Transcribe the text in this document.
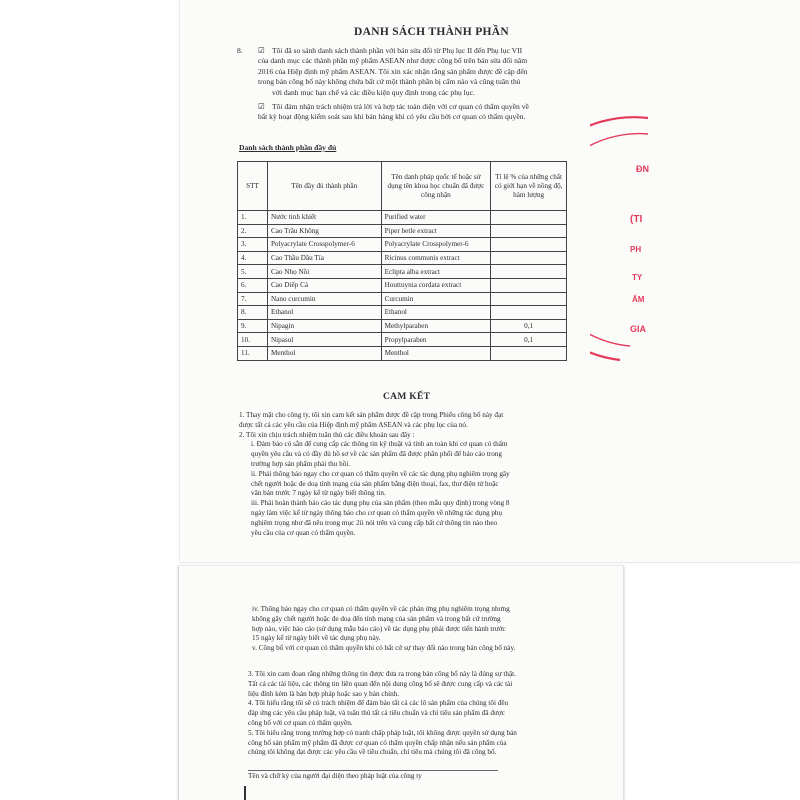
DANH SÁCH THÀNH PHẦN
8. ☑ Tôi đã so sánh danh sách thành phần với bản sửa đổi từ Phụ lục II đến Phụ lục VII
của danh mục các thành phần mỹ phẩm ASEAN như được công bố trên bản sửa đổi năm
2016 của Hiệp định mỹ phẩm ASEAN. Tôi xin xác nhận rằng sản phẩm được đề cập đến
trong bản công bố này không chứa bất cứ một thành phần bị cấm nào và cũng tuân thủ
với danh mục hạn chế và các điều kiện quy định trong các phụ lục.
☑ Tôi đảm nhận trách nhiệm trả lời và hợp tác toàn diện với cơ quan có thẩm quyền về
bất kỳ hoạt động kiểm soát sau khi bán hàng khi có yêu cầu bởi cơ quan có thẩm quyền.
Danh sách thành phần đầy đủ
STT	Tên đầy đủ thành phần	Tên danh pháp quốc tế hoặc sử dụng tên khoa học chuẩn đã được công nhận	Tỉ lệ % của những chất có giới hạn về nồng độ, hàm lượng
1.	Nước tinh khiết	Purified water	
2.	Cao Trầu Không	Piper betle extract	
3.	Polyacrylate Crosspolymer-6	Polyacrylate Crosspolymer-6	
4.	Cao Thầu Dầu Tía	Ricinus communis extract	
5.	Cao Nhọ Nồi	Eclipta alba extract	
6.	Cao Diếp Cá	Houttuynia cordata extract	
7.	Nano curcumin	Curcumin	
8.	Ethanol	Ethanol	
9.	Nipagin	Methylparaben	0,1
10.	Nipasol	Propylparaben	0,1
11.	Menthol	Menthol	
CAM KẾT
1. Thay mặt cho công ty, tôi xin cam kết sản phẩm được đề cập trong Phiếu công bố này đạt
được tất cả các yêu cầu của Hiệp định mỹ phẩm ASEAN và các phụ lục của nó.
2. Tôi xin chịu trách nhiệm tuân thủ các điều khoản sau đây :
i. Đảm bảo có sẵn để cung cấp các thông tin kỹ thuật và tính an toàn khi cơ quan có thẩm
quyền yêu cầu và có đầy đủ hồ sơ về các sản phẩm đã được phân phối để báo cáo trong
trường hợp sản phẩm phải thu hồi.
ii. Phải thông báo ngay cho cơ quan có thẩm quyền về các tác dụng phụ nghiêm trọng gây
chết người hoặc đe doạ tính mạng của sản phẩm bằng điện thoại, fax, thư điện tử hoặc
văn bản trước 7 ngày kể từ ngày biết thông tin.
iii. Phải hoàn thành báo cáo tác dụng phụ của sản phẩm (theo mẫu quy định) trong vòng 8
ngày làm việc kể từ ngày thông báo cho cơ quan có thẩm quyền về những tác dụng phụ
nghiêm trọng như đã nêu trong mục 2ii nói trên và cung cấp bất cứ thông tin nào theo
yêu cầu của cơ quan có thẩm quyền.
ĐN
(TI
PH
TY
ẨM
GIA
iv. Thông báo ngay cho cơ quan có thẩm quyền về các phản ứng phụ nghiêm trọng nhưng
không gây chết người hoặc đe doạ đến tính mạng của sản phẩm và trong bất cứ trường
hợp nào, việc báo cáo (sử dụng mẫu báo cáo) về tác dụng phụ phải được tiến hành trước
15 ngày kể từ ngày biết về tác dụng phụ này.
v. Công bố với cơ quan có thẩm quyền khi có bất cứ sự thay đổi nào trong bản công bố này.
3. Tôi xin cam đoan rằng những thông tin được đưa ra trong bản công bố này là đúng sự thật.
Tất cả các tài liệu, các thông tin liên quan đến nội dung công bố sẽ được cung cấp và các tài
liệu đính kèm là bản hợp pháp hoặc sao y bản chính.
4. Tôi hiểu rằng tôi sẽ có trách nhiệm để đảm bảo tất cả các lô sản phẩm của chúng tôi đều
đáp ứng các yêu cầu pháp luật, và tuân thủ tất cả tiêu chuẩn và chỉ tiêu sản phẩm đã được
công bố với cơ quan có thẩm quyền.
5. Tôi hiểu rằng trong trường hợp có tranh chấp pháp luật, tôi không được quyền sử dụng bản
công bố sản phẩm mỹ phẩm đã được cơ quan có thẩm quyền chấp nhận nếu sản phẩm của
chúng tôi không đạt được các yêu cầu về tiêu chuẩn, chỉ tiêu mà chúng tôi đã công bố.
Tên và chữ ký của người đại diện theo pháp luật của công ty
